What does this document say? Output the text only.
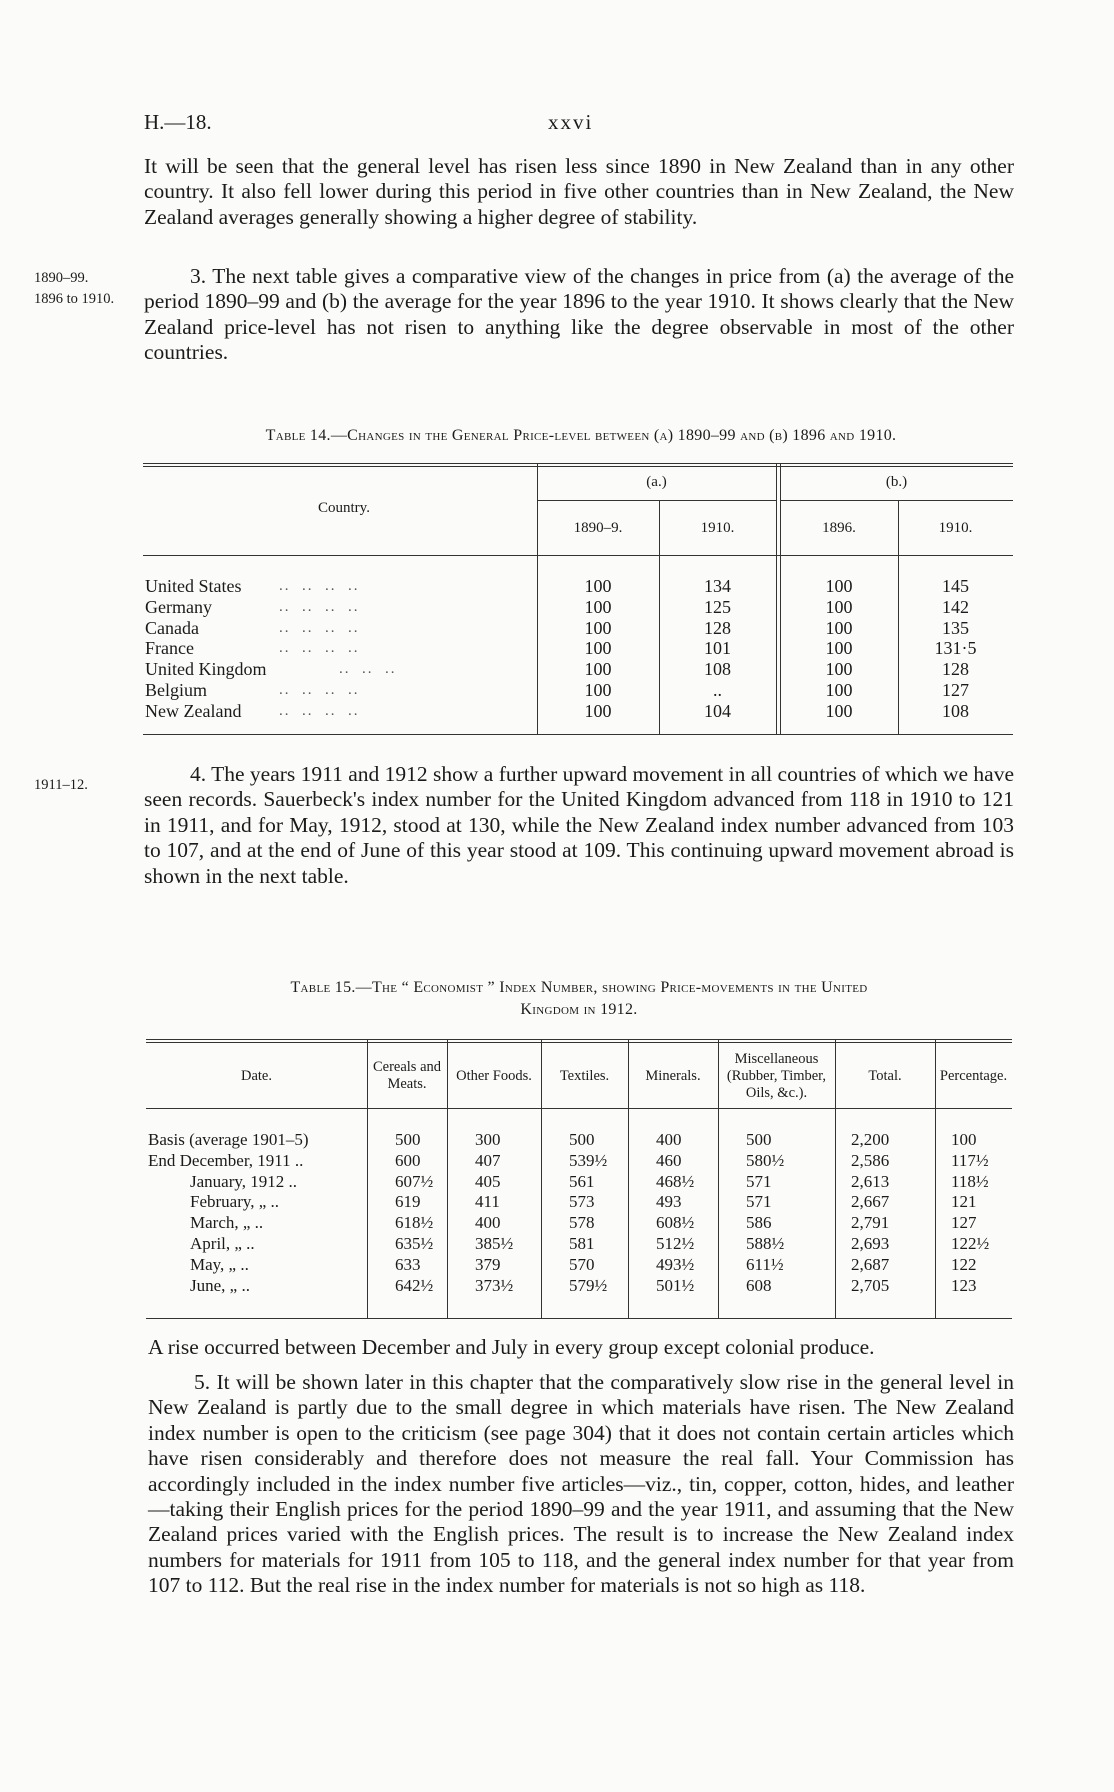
H.—18.	xxvi

It will be seen that the general level has risen less since 1890 in New Zealand than in any other country. It also fell lower during this period in five other countries than in New Zealand, the New Zealand averages generally showing a higher degree of stability.

1890–99.
1896 to 1910.

3. The next table gives a comparative view of the changes in price from (a) the average of the period 1890–99 and (b) the average for the year 1896 to the year 1910. It shows clearly that the New Zealand price-level has not risen to anything like the degree observable in most of the other countries.

Table 14.—Changes in the General Price-level between (a) 1890–99 and (b) 1896 and 1910.
Country.
(a.)	(b.)
1890–9.	1910.	1896.	1910.
United States	..  ..  ..  ..	100	134	100	145
Germany	..  ..  ..  ..	100	125	100	142
Canada	..  ..  ..  ..	100	128	100	135
France	..  ..  ..  ..	100	101	100	131·5
United Kingdom	..  ..  ..	100	108	100	128
Belgium	..  ..  ..  ..	100	..	100	127
New Zealand	..  ..  ..  ..	100	104	100	108
1911–12.	4. The years 1911 and 1912 show a further upward movement in all countries of which we have seen records. Sauerbeck's index number for the United Kingdom advanced from 118 in 1910 to 121 in 1911, and for May, 1912, stood at 130, while the New Zealand index number advanced from 103 to 107, and at the end of June of this year stood at 109. This continuing upward movement abroad is shown in the next table.

Table 15.—The “ Economist ” Index Number, showing Price-movements in the United
Kingdom in 1912.
Date.
Cereals and Meats.
Other Foods.	Textiles.	Minerals.
Miscellaneous (Rubber, Timber, Oils, &c.).
Total.	Percentage.
Basis (average 1901–5)	500	300	500	400	500	2,200	100
End December, 1911 ..	600	407	539½	460	580½	2,586	117½
January, 1912 ..	607½	405	561	468½	571	2,613	118½
February, „ ..	619	411	573	493	571	2,667	121
March, „ ..	618½	400	578	608½	586	2,791	127
April, „ ..	635½	385½	581	512½	588½	2,693	122½
May, „ ..	633	379	570	493½	611½	2,687	122
June, „ ..	642½	373½	579½	501½	608	2,705	123

A rise occurred between December and July in every group except colonial produce.

5. It will be shown later in this chapter that the comparatively slow rise in the general level in New Zealand is partly due to the small degree in which materials have risen. The New Zealand index number is open to the criticism (see page 304) that it does not contain certain articles which have risen considerably and therefore does not measure the real fall. Your Commission has accordingly included in the index number five articles—viz., tin, copper, cotton, hides, and leather—taking their English prices for the period 1890–99 and the year 1911, and assuming that the New Zealand prices varied with the English prices. The result is to increase the New Zealand index numbers for materials for 1911 from 105 to 118, and the general index number for that year from 107 to 112. But the real rise in the index number for materials is not so high as 118.
